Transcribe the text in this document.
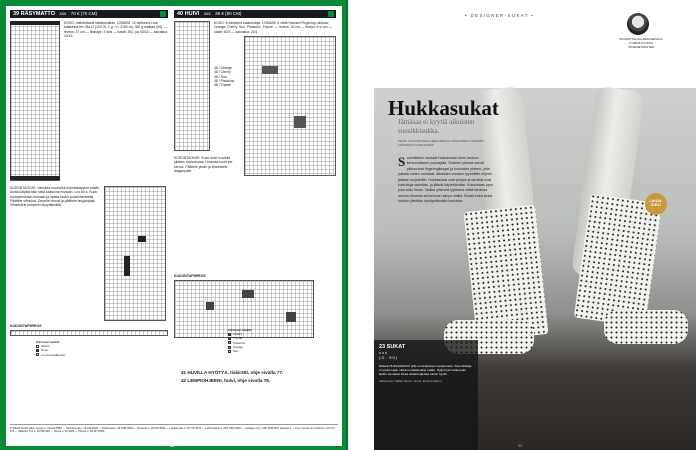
39 RÄSYMATTO xxx 70 € (70 CM)	40 HUIVI xxx 28 € (80 CM)
KOKO: Vaihdettavat kärkitoimikas. LOMA/M: 12 värikeeni Lina kalakeina fex 36x12 (100 Ol, 1 g = n. 2160 m); 300 g matkaa (60). — leveys: 27 cm — lihastys: 3 rivia — kastti: 35/1 (a) 60/13 — kalvakka: 23/14
KUDONTAOHJE: Valmista muotoillut kirjontakaavion päälle. Aloita kärjistä tikki sekä kaaviona mukaan. Luo 60 s. Kudo ruutupiirroksen mukaan ja lopeta kuviot joustinneuleella. Päättele silmukat. Ompele reunat ja päättele langanpäät. Viimeistele kevyesti höyryttämällä.
KUDONTAPIIRROS
Piirrosen merkit:
Oikein
Nurin
Luonnonvalkoinen
KOKO: 8 värikeeni kalaneuloja. LOMA/M: 6 väriä Harvard Fingering -lankaa; Orange, Cherry, Sun, Pistachio, Thyme. — leveys: 32 cm — leveys: 6 v/ cm — kastti: 60/1 — kalvakka: 23/1
48 / Orange
48 / Cherry
48 / Sun
48 / Pistachio
48 / Thyme
KUDONTAOHJE: Kudo huivi ruudulla siirtäen kuvioreunat. Huomaa ruutu per kerros. Päättele yksiin ja viimeistele langanpäät.
KUDONTAPIIRROS
Piirrosen merkit:
Cherry
Thyme
Pistachio
Orange
Sun
41 HUVILLA HYÖTYÄ, tiskirätti, ohje sivulla 77.
42 LEMPIOHJEENI, huivi, ohje sivulla 78.
TUOKETTAJAT: Ellen Langer p. 09 229 5556 — Sankarupaa p. 09 229 5690 — Fiskarssat p. 09 4080 8000 — Novaneli p. 09 694 5594 — Lankatuvilla p. 09 775 4078 — Lehtimarketti p. 050 3000 4920 — Lankapu Oy p. 050 4343 505, lankapu.fi — Prym Consumer Finland p. 09 274 871 — Mäkinen Kys p. 03 680 930 — Novita p. 09 4020 — Pelmet p. 09 447 0555.
54
• DESIGNER-SUKAT •
SUUNNITTELIJA LEENI HEINOLA
TYNEMÄ KUOKKA
INTERNETMASTER
Hukkasukat
Jämäsaa ei kyytiä aikuisten suosikkisukka.
TEKSTI JA SUUNNITTELU LEENI HEINOLA / KUVA ANNIKA LOHSTEDT / ASSISTENTTI KAISA IKONEN
Suunnitteliin hauskat hukkasukat viime lauluun kertomukseen jouluajalla. Sukkien yläosat saivat pikkuruiset fingeringilangat ja kuvioiden yhteen, joita pakata varten nostavat. Aikaisten vuosien tyyneittiin ohjeen jalkaan kuljetettiin. Hukkasukat ovat pohjan ja tarvikat ovat kutsuttuja valmiiksi, ja jäävät käytettäväksi. Kokoistaan jopa joka koko ilman. Vaikka yhteneä tyyleissä mistä tahansa neuloa ohuesta tai tumman sävyn mallia. Eksää kuka lanka kuvioin jätetään hyödyntämään kertoista.	LAHJA-IDEA!
23 SUKAT
xxx
(S. 90)
Näissä HUKKASUKAT (23) on lämpöinen neulemuoto. Suunnittelija on joulun ajan valinnut pääpuoliksi mallin. Hylje hyvin kirjoneule laskin vieraaksi lukea tietää kuljettaa varsin hyviin.
Jalkakuva: Hälleri Munä. Vuosi: Ensimmäinen.
55
